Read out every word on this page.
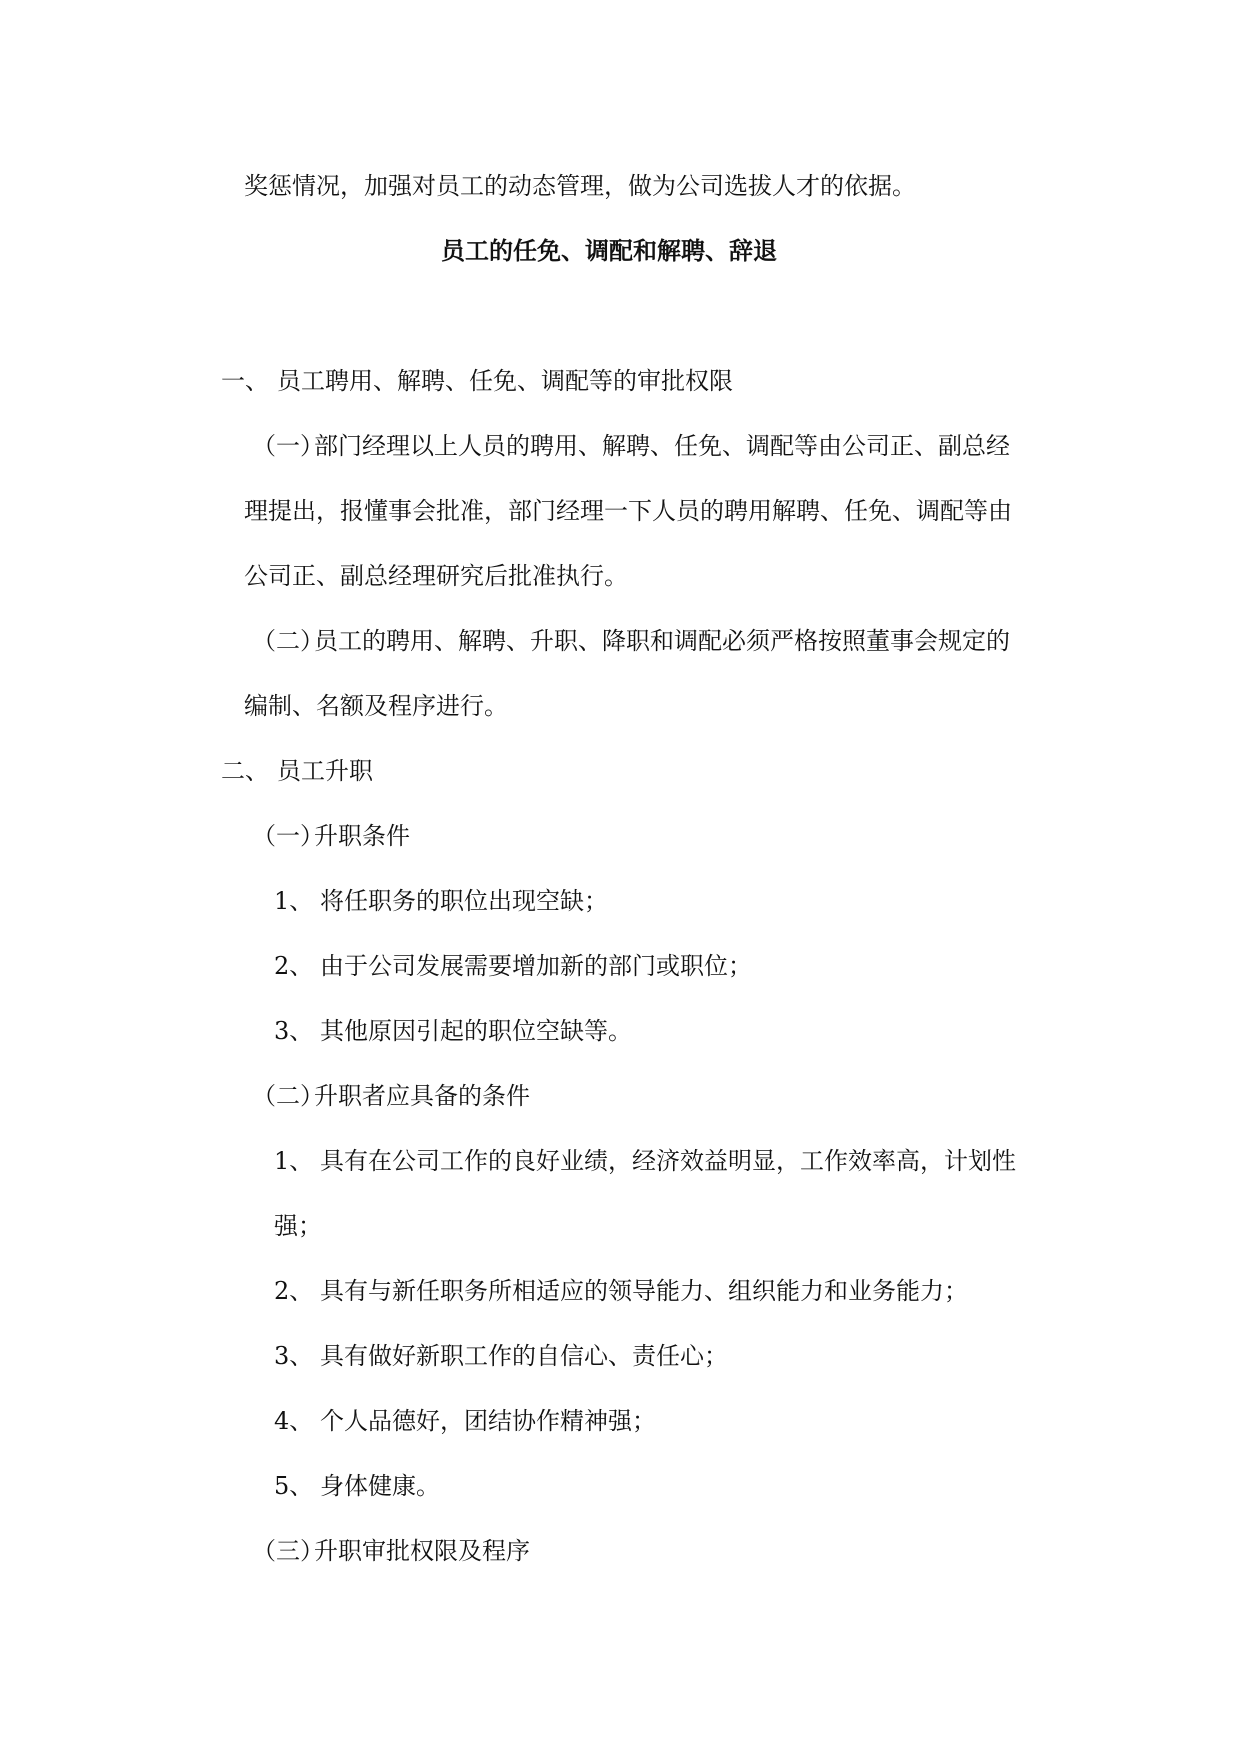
奖惩情况，加强对员工的动态管理，做为公司选拔人才的依据。
员工的任免、调配和解聘、辞退
一、 员工聘用、解聘、任免、调配等的审批权限
（一）部门经理以上人员的聘用、解聘、任免、调配等由公司正、副总经
理提出，报懂事会批准，部门经理一下人员的聘用解聘、任免、调配等由
公司正、副总经理研究后批准执行。
（二）员工的聘用、解聘、升职、降职和调配必须严格按照董事会规定的
编制、名额及程序进行。
二、 员工升职
（一）升职条件
1、 将任职务的职位出现空缺；
2、 由于公司发展需要增加新的部门或职位；
3、 其他原因引起的职位空缺等。
（二）升职者应具备的条件
1、 具有在公司工作的良好业绩，经济效益明显，工作效率高，计划性
强；
2、 具有与新任职务所相适应的领导能力、组织能力和业务能力；
3、 具有做好新职工作的自信心、责任心；
4、 个人品德好，团结协作精神强；
5、 身体健康。
（三）升职审批权限及程序
